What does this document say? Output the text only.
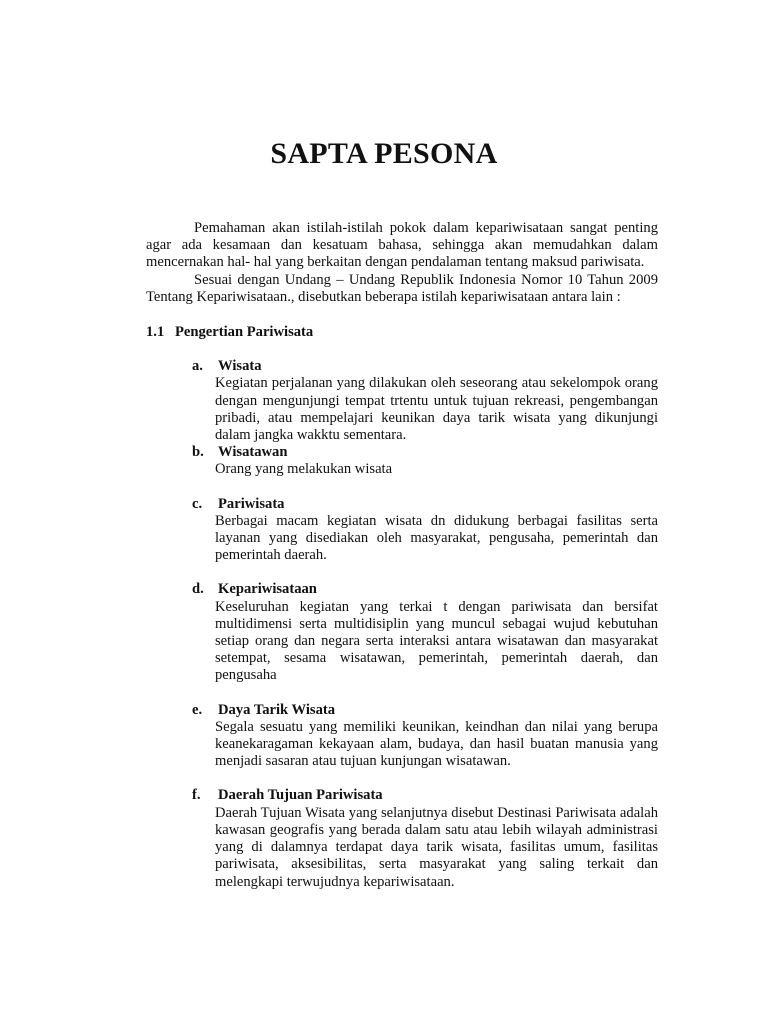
SAPTA PESONA

Pemahaman akan istilah-istilah pokok dalam kepariwisataan sangat penting agar ada kesamaan dan kesatuam bahasa, sehingga akan memudahkan dalam mencernakan hal- hal yang berkaitan dengan pendalaman tentang maksud pariwisata.

Sesuai dengan Undang – Undang Republik Indonesia Nomor 10 Tahun 2009 Tentang Kepariwisataan., disebutkan beberapa istilah kepariwisataan antara lain :

1.1 Pengertian Pariwisata
a. Wisata
Kegiatan perjalanan yang dilakukan oleh seseorang atau sekelompok orang dengan mengunjungi tempat trtentu untuk tujuan rekreasi, pengembangan pribadi, atau mempelajari keunikan daya tarik wisata yang dikunjungi dalam jangka wakktu sementara.
b. Wisatawan
Orang yang melakukan wisata
c. Pariwisata
Berbagai macam kegiatan wisata dn didukung berbagai fasilitas serta layanan yang disediakan oleh masyarakat, pengusaha, pemerintah dan pemerintah daerah.
d. Kepariwisataan
Keseluruhan kegiatan yang terkai t dengan pariwisata dan bersifat multidimensi serta multidisiplin yang muncul sebagai wujud kebutuhan setiap orang dan negara serta interaksi antara wisatawan dan masyarakat setempat, sesama wisatawan, pemerintah, pemerintah daerah, dan pengusaha
e. Daya Tarik Wisata
Segala sesuatu yang memiliki keunikan, keindhan dan nilai yang berupa keanekaragaman kekayaan alam, budaya, dan hasil buatan manusia yang menjadi sasaran atau tujuan kunjungan wisatawan.
f. Daerah Tujuan Pariwisata
Daerah Tujuan Wisata yang selanjutnya disebut Destinasi Pariwisata adalah kawasan geografis yang berada dalam satu atau lebih wilayah administrasi yang di dalamnya terdapat daya tarik wisata, fasilitas umum, fasilitas pariwisata, aksesibilitas, serta masyarakat yang saling terkait dan melengkapi terwujudnya kepariwisataan.
